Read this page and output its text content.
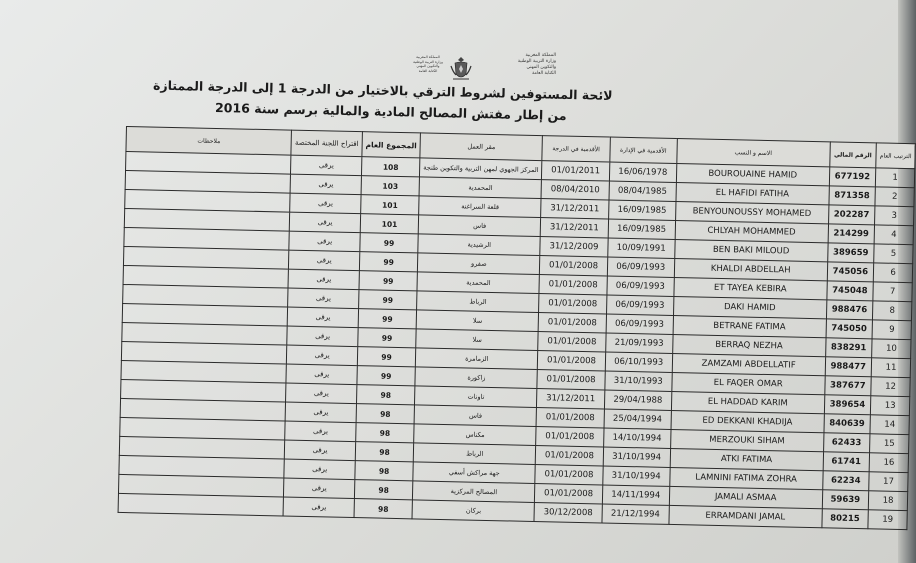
المملكة المغربية
وزارة التربية الوطنية
والتكوين المهني
الكتابة العامة
المملكة المغربية
وزارة التربية الوطنية
والتكوين المهني
الكتابة العامة
لائحة المستوفين لشروط الترقي بالاختيار من الدرجة 1 إلى الدرجة الممتازة
من إطار مفتش المصالح المادية والمالية برسم سنة 2016
الترتيب العام	الرقم المالي	الاسم و النسب	الأقدمية في الإدارة	الأقدمية في الدرجة	مقر العمل	المجموع العام	اقتراح اللجنة المختصة	ملاحظات
1	677192	BOUROUAINE HAMID	16/06/1978	01/01/2011	المركز الجهوي لمهن التربية والتكوين طنجة	108	يرقى	
2	871358	EL HAFIDI FATIHA	08/04/1985	08/04/2010	المحمدية	103	يرقى	
3	202287	BENYOUNOUSSY MOHAMED	16/09/1985	31/12/2011	قلعة السراغنة	101	يرقى	
4	214299	CHLYAH MOHAMMED	16/09/1985	31/12/2011	فاس	101	يرقى	
5	389659	BEN BAKI MILOUD	10/09/1991	31/12/2009	الرشيدية	99	يرقى	
6	745056	KHALDI ABDELLAH	06/09/1993	01/01/2008	صفرو	99	يرقى	
7	745048	ET TAYEA KEBIRA	06/09/1993	01/01/2008	المحمدية	99	يرقى	
8	988476	DAKI HAMID	06/09/1993	01/01/2008	الرباط	99	يرقى	
9	745050	BETRANE FATIMA	06/09/1993	01/01/2008	سلا	99	يرقى	
10	838291	BERRAQ NEZHA	21/09/1993	01/01/2008	سلا	99	يرقى	
11	988477	ZAMZAMI ABDELLATIF	06/10/1993	01/01/2008	الزمامرة	99	يرقى	
12	387677	EL FAQER OMAR	31/10/1993	01/01/2008	زاكورة	99	يرقى	
13	389654	EL HADDAD KARIM	29/04/1988	31/12/2011	تاونات	98	يرقى	
14	840639	ED DEKKANI KHADIJA	25/04/1994	01/01/2008	فاس	98	يرقى	
15	62433	MERZOUKI SIHAM	14/10/1994	01/01/2008	مكناس	98	يرقى	
16	61741	ATKI FATIMA	31/10/1994	01/01/2008	الرباط	98	يرقى	
17	62234	LAMNINI FATIMA ZOHRA	31/10/1994	01/01/2008	جهة مراكش أسفي	98	يرقى	
18	59639	JAMALI ASMAA	14/11/1994	01/01/2008	المصالح المركزية	98	يرقى	
19	80215	ERRAMDANI JAMAL	21/12/1994	30/12/2008	بركان	98	يرقى	
